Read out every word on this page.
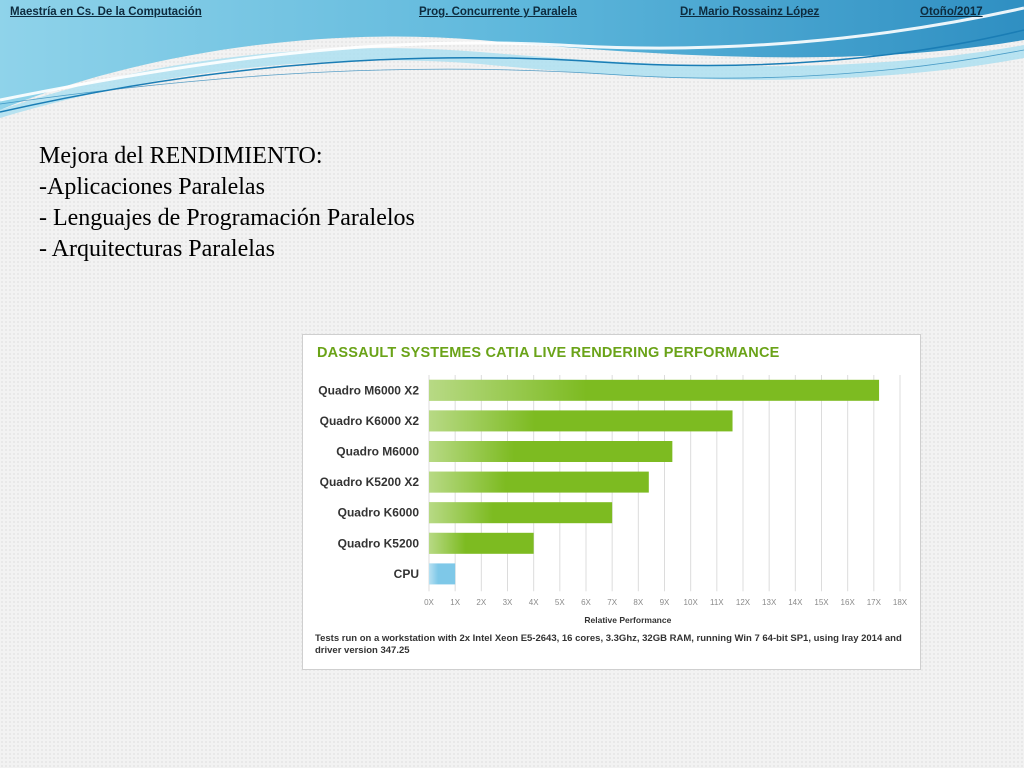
Maestría en Cs. De la Computación	Prog. Concurrente y Paralela	Dr. Mario Rossainz López	Otoño/2017
Mejora del RENDIMIENTO:
-Aplicaciones Paralelas
- Lenguajes de Programación Paralelos
- Arquitecturas Paralelas
DASSAULT SYSTEMES CATIA LIVE RENDERING PERFORMANCE
Quadro M6000 X2
Quadro K6000 X2
Quadro M6000
Quadro K5200 X2
Quadro K6000
Quadro K5200
CPU
0X 1X 2X 3X 4X 5X 6X 7X 8X 9X 10X 11X 12X 13X 14X 15X 16X 17X 18X
Relative Performance
Tests run on a workstation with 2x Intel Xeon E5-2643, 16 cores, 3.3Ghz, 32GB RAM, running Win 7 64-bit SP1, using Iray 2014 and driver version 347.25
